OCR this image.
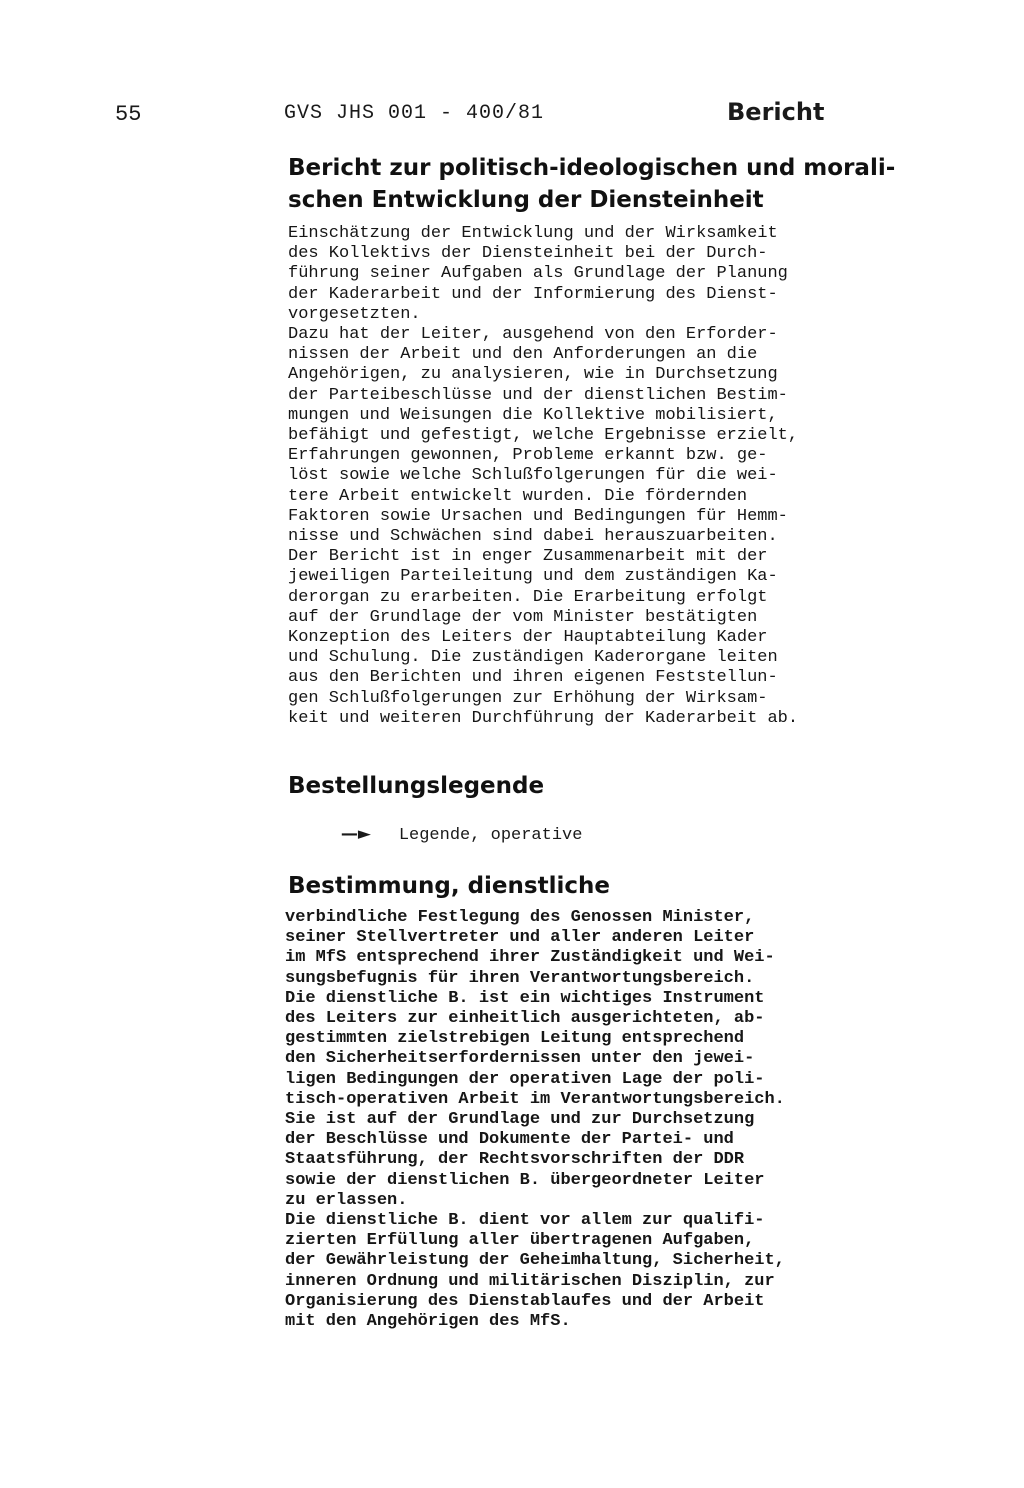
55	GVS JHS 001 - 400/81	Bericht
Bericht zur politisch-ideologischen und morali-
schen Entwicklung der Diensteinheit

Einschätzung der Entwicklung und der Wirksamkeit
des Kollektivs der Diensteinheit bei der Durch-
führung seiner Aufgaben als Grundlage der Planung
der Kaderarbeit und der Informierung des Dienst-
vorgesetzten.
Dazu hat der Leiter, ausgehend von den Erforder-
nissen der Arbeit und den Anforderungen an die
Angehörigen, zu analysieren, wie in Durchsetzung
der Parteibeschlüsse und der dienstlichen Bestim-
mungen und Weisungen die Kollektive mobilisiert,
befähigt und gefestigt, welche Ergebnisse erzielt,
Erfahrungen gewonnen, Probleme erkannt bzw. ge-
löst sowie welche Schlußfolgerungen für die wei-
tere Arbeit entwickelt wurden. Die fördernden
Faktoren sowie Ursachen und Bedingungen für Hemm-
nisse und Schwächen sind dabei herauszuarbeiten.
Der Bericht ist in enger Zusammenarbeit mit der
jeweiligen Parteileitung und dem zuständigen Ka-
derorgan zu erarbeiten. Die Erarbeitung erfolgt
auf der Grundlage der vom Minister bestätigten
Konzeption des Leiters der Hauptabteilung Kader
und Schulung. Die zuständigen Kaderorgane leiten
aus den Berichten und ihren eigenen Feststellun-
gen Schlußfolgerungen zur Erhöhung der Wirksam-
keit und weiteren Durchführung der Kaderarbeit ab.

Bestellungslegende

—► Legende, operative

Bestimmung, dienstliche

verbindliche Festlegung des Genossen Minister,
seiner Stellvertreter und aller anderen Leiter
im MfS entsprechend ihrer Zuständigkeit und Wei-
sungsbefugnis für ihren Verantwortungsbereich.
Die dienstliche B. ist ein wichtiges Instrument
des Leiters zur einheitlich ausgerichteten, ab-
gestimmten zielstrebigen Leitung entsprechend
den Sicherheitserfordernissen unter den jewei-
ligen Bedingungen der operativen Lage der poli-
tisch-operativen Arbeit im Verantwortungsbereich.
Sie ist auf der Grundlage und zur Durchsetzung
der Beschlüsse und Dokumente der Partei- und
Staatsführung, der Rechtsvorschriften der DDR
sowie der dienstlichen B. übergeordneter Leiter
zu erlassen.
Die dienstliche B. dient vor allem zur qualifi-
zierten Erfüllung aller übertragenen Aufgaben,
der Gewährleistung der Geheimhaltung, Sicherheit,
inneren Ordnung und militärischen Disziplin, zur
Organisierung des Dienstablaufes und der Arbeit
mit den Angehörigen des MfS.
